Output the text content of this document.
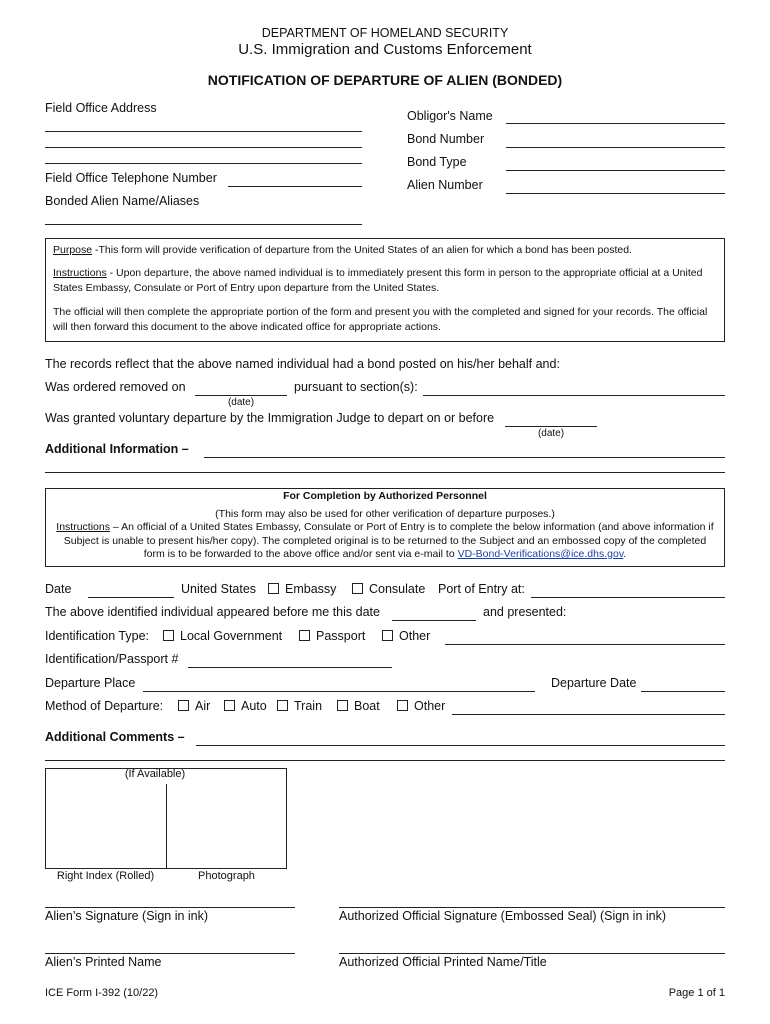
DEPARTMENT OF HOMELAND SECURITY
U.S. Immigration and Customs Enforcement
NOTIFICATION OF DEPARTURE OF ALIEN (BONDED)
Field Office Address
Field Office Telephone Number
Bonded Alien Name/Aliases
Obligor's Name
Bond Number
Bond Type
Alien Number
Purpose -This form will provide verification of departure from the United States of an alien for which a bond has been posted.
Instructions - Upon departure, the above named individual is to immediately present this form in person to the appropriate official at a United States Embassy, Consulate or Port of Entry upon departure from the United States.
The official will then complete the appropriate portion of the form and present you with the completed and signed for your records. The official will then forward this document to the above indicated office for appropriate actions.
The records reflect that the above named individual had a bond posted on his/her behalf and:
Was ordered removed on
(date)
pursuant to section(s):
Was granted voluntary departure by the Immigration Judge to depart on or before
(date)
Additional Information –
For Completion by Authorized Personnel
(This form may also be used for other verification of departure purposes.)
Instructions – An official of a United States Embassy, Consulate or Port of Entry is to complete the below information (and above information if Subject is unable to present his/her copy). The completed original is to be returned to the Subject and an embossed copy of the completed form is to be forwarded to the above office and/or sent via e-mail to VD-Bond-Verifications@ice.dhs.gov.
Date	United States	Embassy	Consulate Port of Entry at:
The above identified individual appeared before me this date	and presented:
Identification Type:	Local Government	Passport	Other
Identification/Passport #
Departure Place	Departure Date
Method of Departure:	Air	Auto	Train	Boat	Other
Additional Comments –
(If Available)
Right Index (Rolled)	Photograph
Alien’s Signature (Sign in ink)	Authorized Official Signature (Embossed Seal) (Sign in ink)
Alien’s Printed Name	Authorized Official Printed Name/Title
ICE Form I-392 (10/22)	Page 1 of 1
